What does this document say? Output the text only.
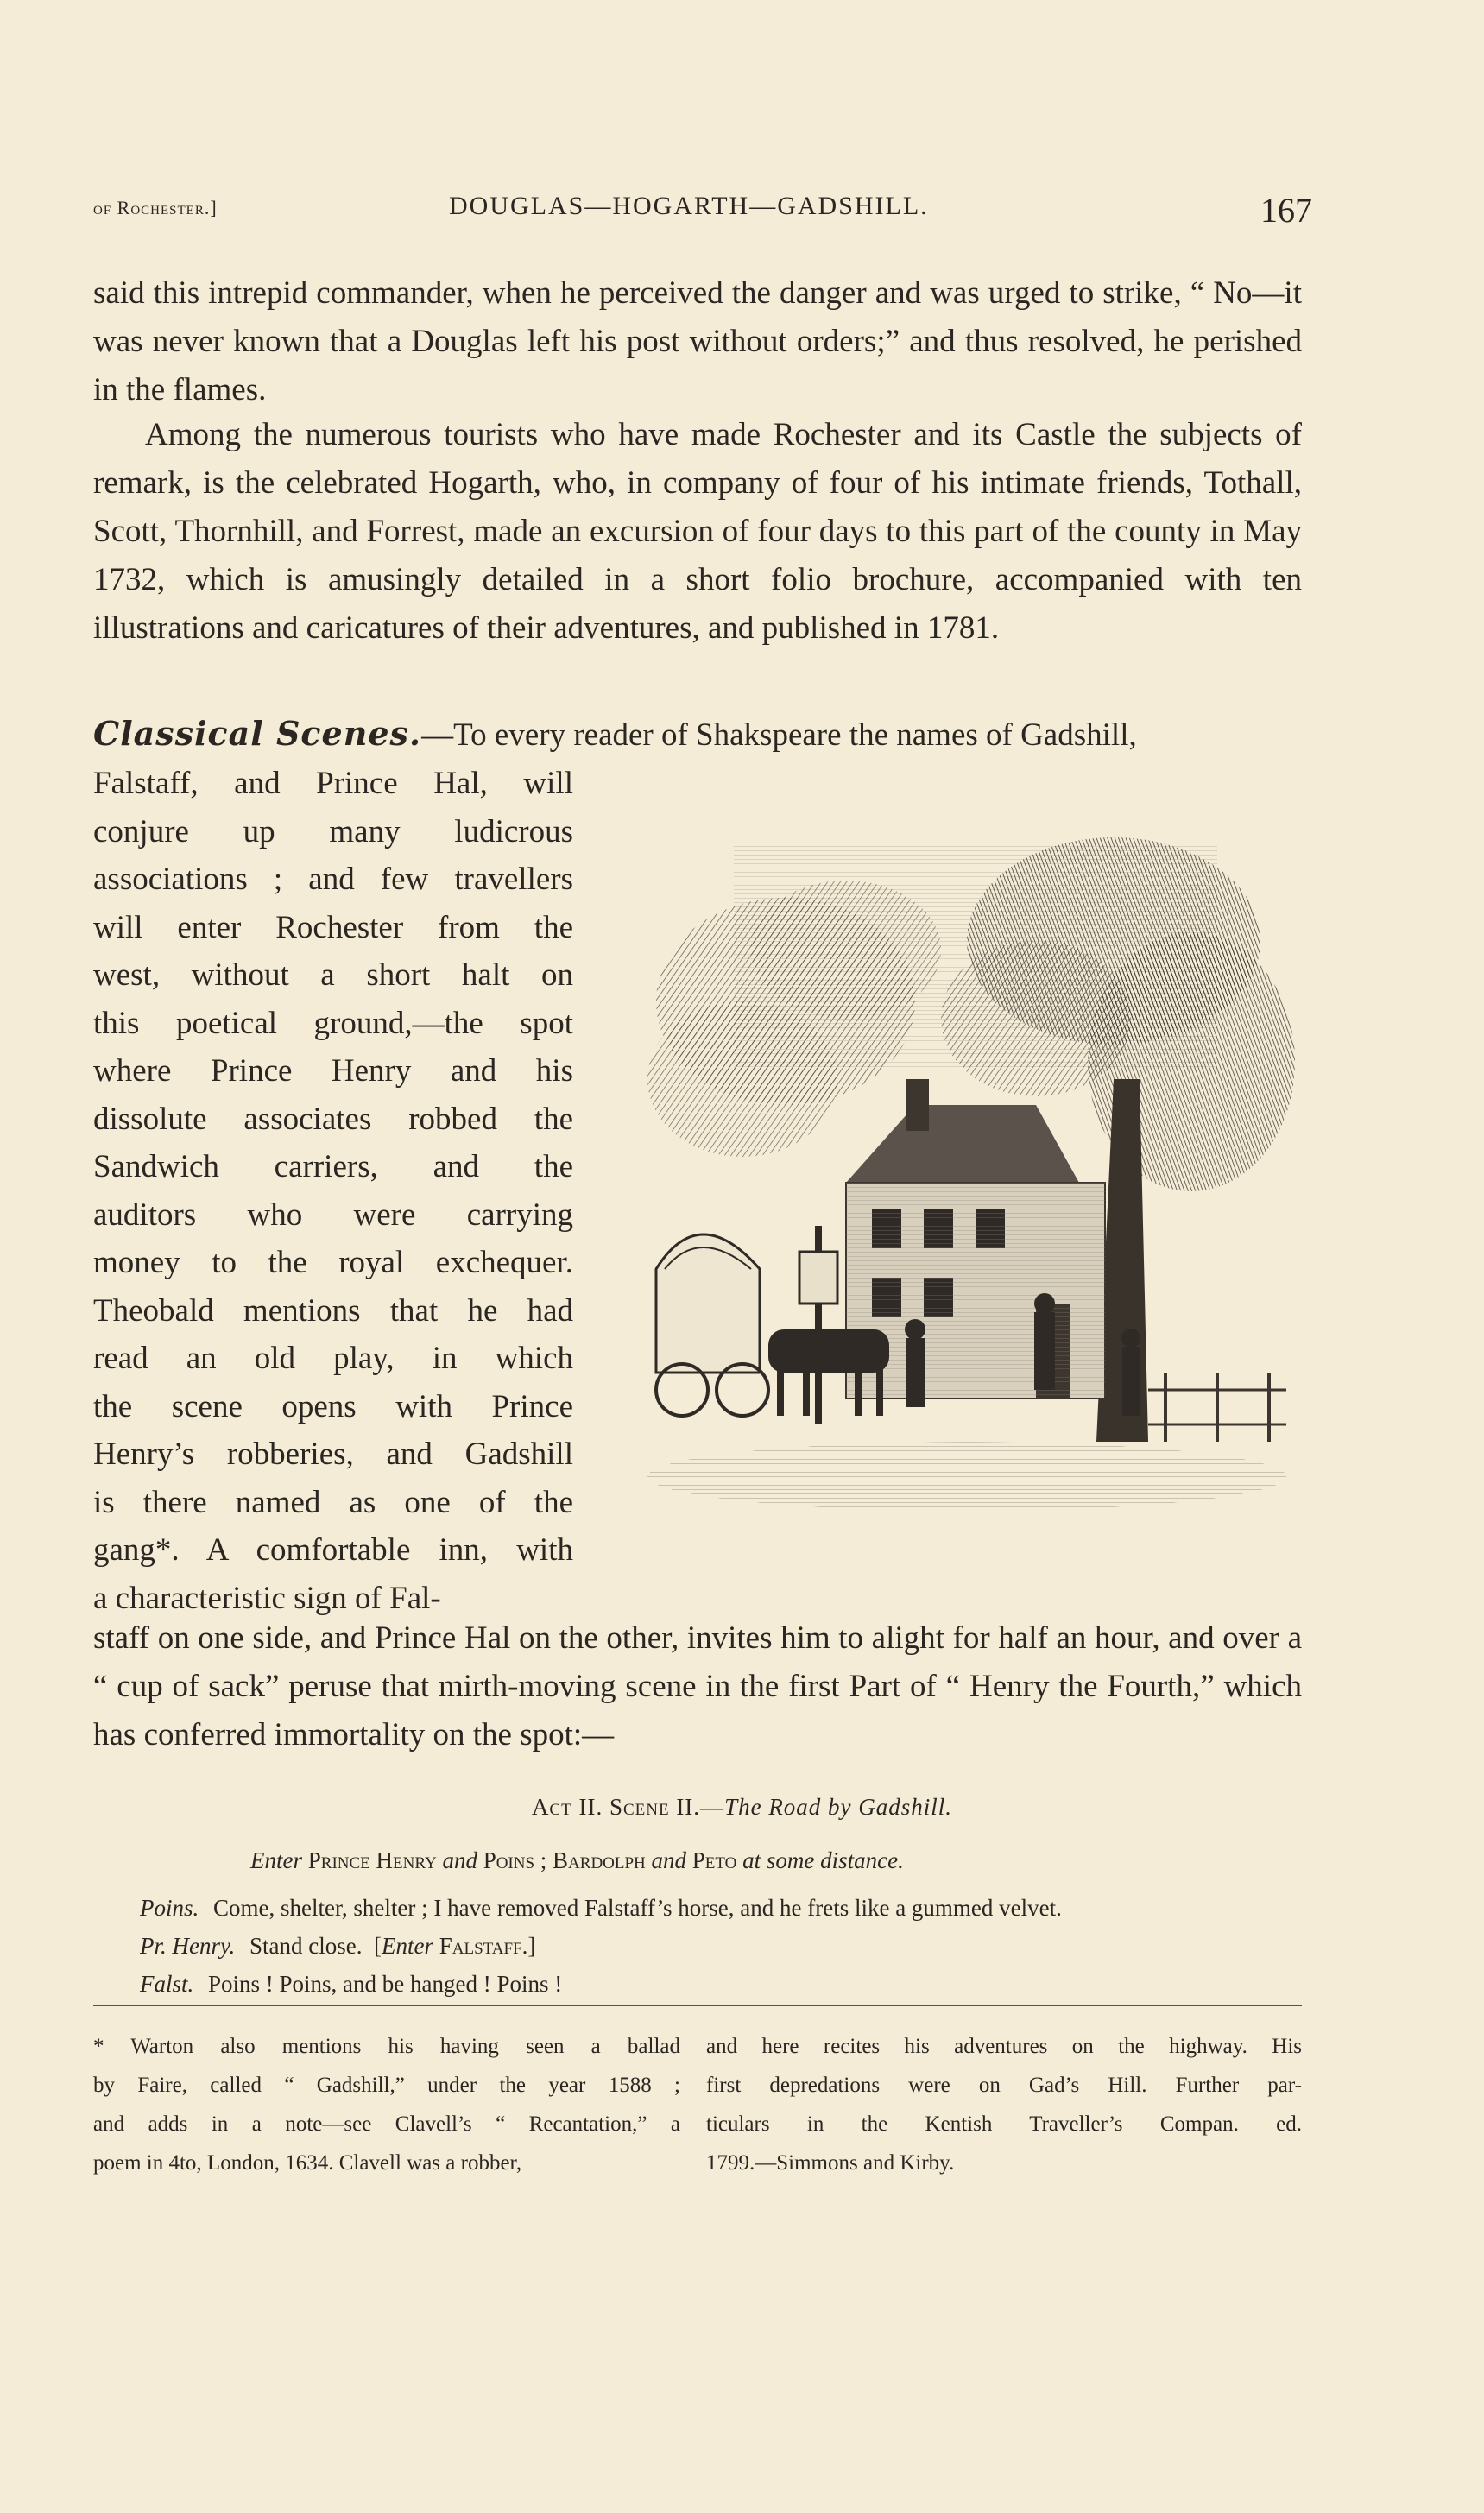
of Rochester.]	DOUGLAS—HOGARTH—GADSHILL.	167

said this intrepid commander, when he perceived the danger and was urged to strike, “ No—it was never known that a Douglas left his post without orders;” and thus resolved, he perished in the flames.

Among the numerous tourists who have made Rochester and its Castle the subjects of remark, is the celebrated Hogarth, who, in company of four of his intimate friends, Tothall, Scott, Thornhill, and Forrest, made an excursion of four days to this part of the county in May 1732, which is amusingly detailed in a short folio brochure, accompanied with ten illustrations and caricatures of their adventures, and published in 1781.

Classical Scenes.—To every reader of Shakspeare the names of Gadshill,
Falstaff, and Prince Hal, will
conjure up many ludicrous
associations ; and few travellers
will enter Rochester from the
west, without a short halt on
this poetical ground,—the spot
where Prince Henry and his
dissolute associates robbed the
Sandwich carriers, and the
auditors who were carrying
money to the royal exchequer.
Theobald mentions that he had
read an old play, in which
the scene opens with Prince
Henry’s robberies, and Gadshill
is there named as one of the
gang*. A comfortable inn, with
a characteristic sign of Fal-
staff on one side, and Prince Hal on the other, invites him to alight for half an hour, and over a “ cup of sack” peruse that mirth-moving scene in the first Part of “ Henry the Fourth,” which has conferred immortality on the spot:—
Act II. Scene II.—The Road by Gadshill.
Enter Prince Henry and Poins ; Bardolph and Peto at some distance.
Poins. Come, shelter, shelter ; I have removed Falstaff’s horse, and he frets like a gummed velvet.
Pr. Henry. Stand close. [Enter Falstaff.]
Falst. Poins ! Poins, and be hanged ! Poins !
* Warton also mentions his having seen a ballad
by Faire, called “ Gadshill,” under the year 1588 ;
and adds in a note—see Clavell’s “ Recantation,” a
poem in 4to, London, 1634. Clavell was a robber,
and here recites his adventures on the highway. His
first depredations were on Gad’s Hill. Further par-
ticulars in the Kentish Traveller’s Compan. ed.
1799.—Simmons and Kirby.
